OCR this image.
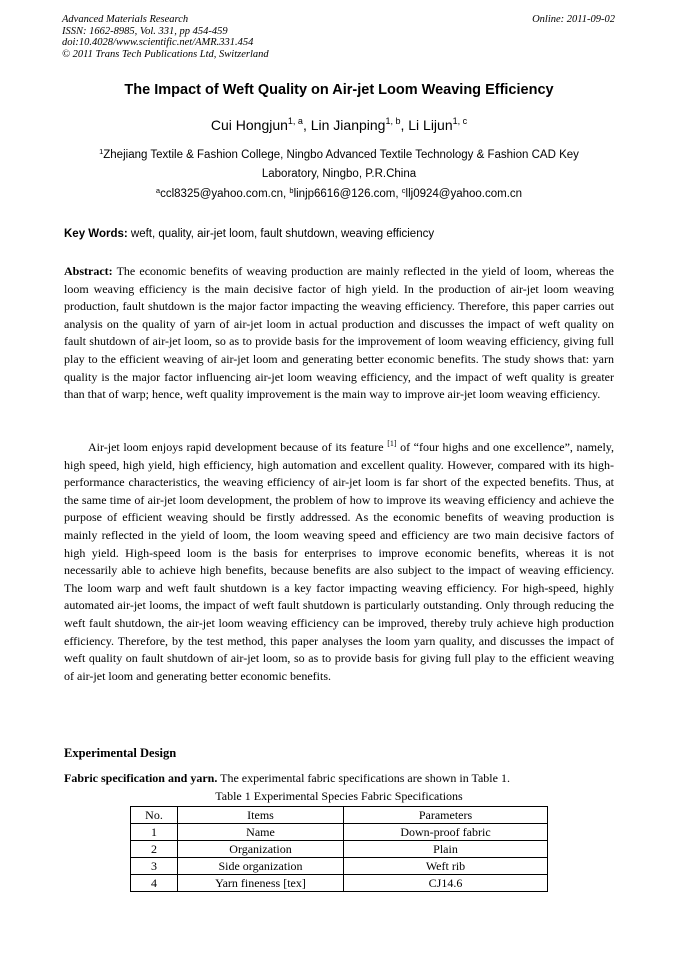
Advanced Materials Research
ISSN: 1662-8985, Vol. 331, pp 454-459
doi:10.4028/www.scientific.net/AMR.331.454
© 2011 Trans Tech Publications Ltd, Switzerland
Online: 2011-09-02
The Impact of Weft Quality on Air-jet Loom Weaving Efficiency
Cui Hongjun$^{1, a}$, Lin Jianping$^{1, b}$, Li Lijun$^{1, c}$
$^1$Zhejiang Textile & Fashion College, Ningbo Advanced Textile Technology & Fashion CAD Key Laboratory, Ningbo, P.R.China
$^a$ccl8325@yahoo.com.cn, $^b$linjp6616@126.com, $^c$llj0924@yahoo.com.cn
Key Words: weft, quality, air-jet loom, fault shutdown, weaving efficiency
Abstract: The economic benefits of weaving production are mainly reflected in the yield of loom, whereas the loom weaving efficiency is the main decisive factor of high yield. In the production of air-jet loom weaving production, fault shutdown is the major factor impacting the weaving efficiency. Therefore, this paper carries out analysis on the quality of yarn of air-jet loom in actual production and discusses the impact of weft quality on fault shutdown of air-jet loom, so as to provide basis for the improvement of loom weaving efficiency, giving full play to the efficient weaving of air-jet loom and generating better economic benefits. The study shows that: yarn quality is the major factor influencing air-jet loom weaving efficiency, and the impact of weft quality is greater than that of warp; hence, weft quality improvement is the main way to improve air-jet loom weaving efficiency.
Air-jet loom enjoys rapid development because of its feature [1] of “four highs and one excellence”, namely, high speed, high yield, high efficiency, high automation and excellent quality. However, compared with its high-performance characteristics, the weaving efficiency of air-jet loom is far short of the expected benefits. Thus, at the same time of air-jet loom development, the problem of how to improve its weaving efficiency and achieve the purpose of efficient weaving should be firstly addressed. As the economic benefits of weaving production is mainly reflected in the yield of loom, the loom weaving speed and efficiency are two main decisive factors of high yield. High-speed loom is the basis for enterprises to improve economic benefits, whereas it is not necessarily able to achieve high benefits, because benefits are also subject to the impact of weaving efficiency. The loom warp and weft fault shutdown is a key factor impacting weaving efficiency. For high-speed, highly automated air-jet looms, the impact of weft fault shutdown is particularly outstanding. Only through reducing the weft fault shutdown, the air-jet loom weaving efficiency can be improved, thereby truly achieve high production efficiency. Therefore, by the test method, this paper analyses the loom yarn quality, and discusses the impact of weft quality on fault shutdown of air-jet loom, so as to provide basis for giving full play to the efficient weaving of air-jet loom and generating better economic benefits.
Experimental Design
Fabric specification and yarn. The experimental fabric specifications are shown in Table 1.
Table 1 Experimental Species Fabric Specifications
No.	Items	Parameters
1	Name	Down-proof fabric
2	Organization	Plain
3	Side organization	Weft rib
4	Yarn fineness [tex]	CJ14.6
